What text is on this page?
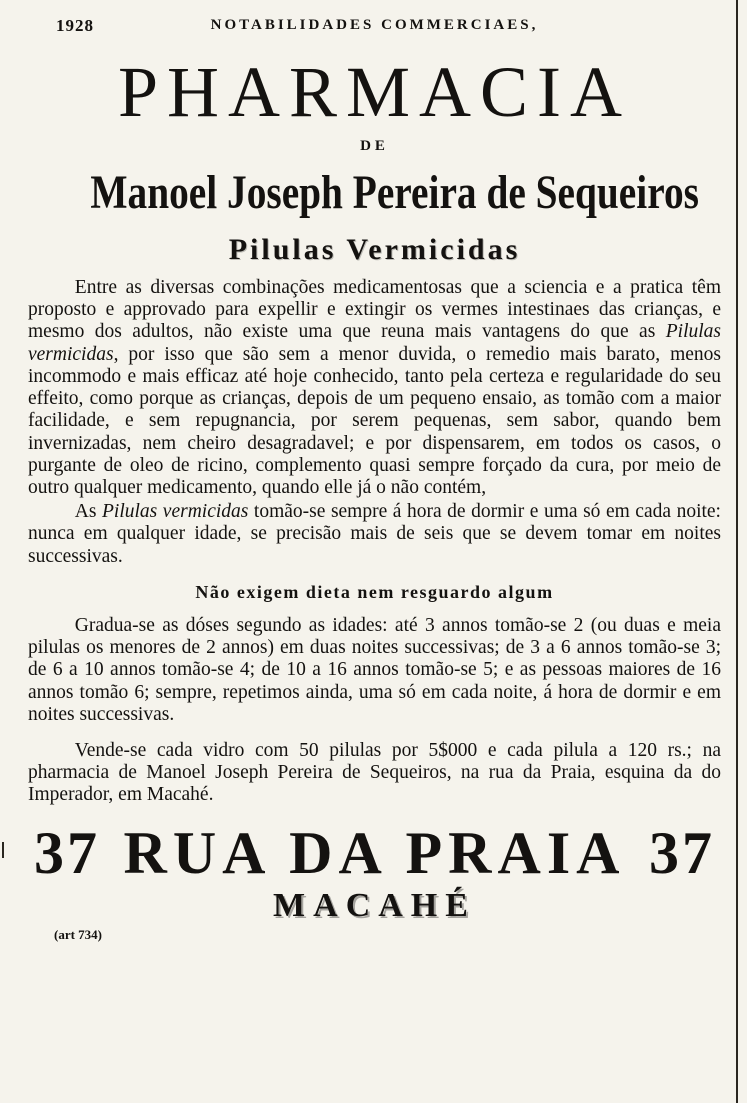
1928	NOTABILIDADES COMMERCIAES,
PHARMACIA
DE
Manoel Joseph Pereira de Sequeiros
Pilulas Vermicidas

Entre as diversas combinações medicamentosas que a sciencia e a pratica têm proposto e approvado para expellir e extingir os vermes intestinaes das crianças, e mesmo dos adultos, não existe uma que reuna mais vantagens do que as Pilulas vermicidas, por isso que são sem a menor duvida, o remedio mais barato, menos incommodo e mais efficaz até hoje conhecido, tanto pela certeza e regularidade do seu effeito, como porque as crianças, depois de um pequeno ensaio, as tomão com a maior facilidade, e sem repugnancia, por serem pequenas, sem sabor, quando bem invernizadas, nem cheiro desagradavel; e por dispensarem, em todos os casos, o purgante de oleo de ricino, complemento quasi sempre forçado da cura, por meio de outro qualquer medicamento, quando elle já o não contém,

As Pilulas vermicidas tomão-se sempre á hora de dormir e uma só em cada noite: nunca em qualquer idade, se precisão mais de seis que se devem tomar em noites successivas.

Não exigem dieta nem resguardo algum

Gradua-se as dóses segundo as idades: até 3 annos tomão-se 2 (ou duas e meia pilulas os menores de 2 annos) em duas noites successivas; de 3 a 6 annos tomão-se 3; de 6 a 10 annos tomão-se 4; de 10 a 16 annos tomão-se 5; e as pessoas maiores de 16 annos tomão 6; sempre, repetimos ainda, uma só em cada noite, á hora de dormir e em noites successivas.

Vende-se cada vidro com 50 pilulas por 5$000 e cada pilula a 120 rs.; na pharmacia de Manoel Joseph Pereira de Sequeiros, na rua da Praia, esquina da do Imperador, em Macahé.

37 RUA DA PRAIA 37
MACAHÉ
(art 734)
